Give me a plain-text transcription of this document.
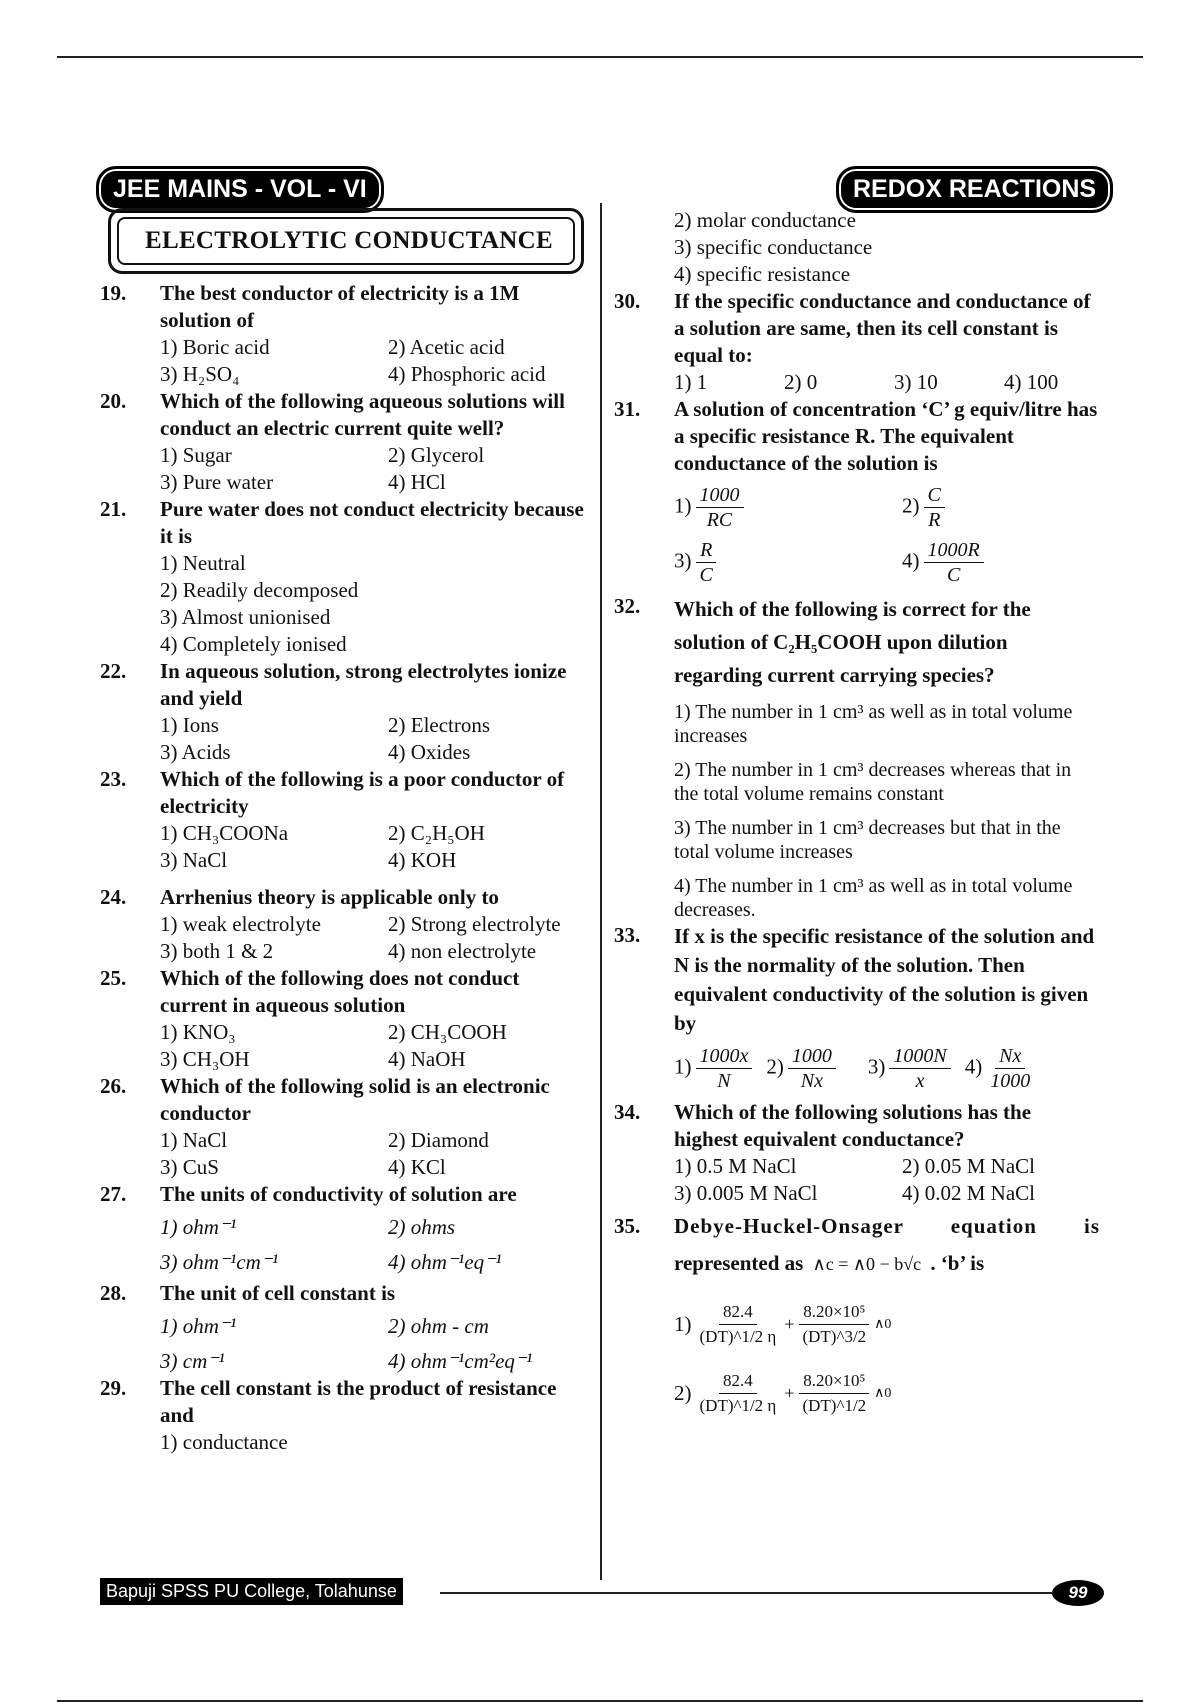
JEE MAINS - VOL - VI	REDOX REACTIONS
ELECTROLYTIC CONDUCTANCE
19. The best conductor of electricity is a 1M solution of
1) Boric acid	2) Acetic acid
3) H₂SO₄	4) Phosphoric acid
20. Which of the following aqueous solutions will conduct an electric current quite well?
1) Sugar	2) Glycerol
3) Pure water	4) HCl
21. Pure water does not conduct electricity because it is
1) Neutral
2) Readily decomposed
3) Almost unionised
4) Completely ionised
22. In aqueous solution, strong electrolytes ionize and yield
1) Ions	2) Electrons
3) Acids	4) Oxides
23. Which of the following is a poor conductor of electricity
1) CH₃COONa	2) C₂H₅OH
3) NaCl	4) KOH
24. Arrhenius theory is applicable only to
1) weak electrolyte	2) Strong electrolyte
3) both 1 & 2	4) non electrolyte
25. Which of the following does not conduct current in aqueous solution
1) KNO₃	2) CH₃COOH
3) CH₃OH	4) NaOH
26. Which of the following solid is an electronic conductor
1) NaCl	2) Diamond
3) CuS	4) KCl
27. The units of conductivity of solution are
1) ohm⁻¹	2) ohms
3) ohm⁻¹cm⁻¹	4) ohm⁻¹eq⁻¹
28. The unit of cell constant is
1) ohm⁻¹	2) ohm - cm
3) cm⁻¹	4) ohm⁻¹cm²eq⁻¹
29. The cell constant is the product of resistance and
1) conductance
2) molar conductance
3) specific conductance
4) specific resistance
30. If the specific conductance and conductance of a solution are same, then its cell constant is equal to:
1) 1	2) 0	3) 10	4) 100
31. A solution of concentration ‘C’ g equiv/litre has a specific resistance R. The equivalent conductance of the solution is
$1) \frac{1000}{RC}$	$2) \frac{C}{R}$
$3) \frac{R}{C}$	$4) \frac{1000R}{C}$
32. Which of the following is correct for the solution of C₂H₅COOH upon dilution regarding current carrying species?
1) The number in 1 cm³ as well as in total volume increases
2) The number in 1 cm³ decreases whereas that in the total volume remains constant
3) The number in 1 cm³ decreases but that in the total volume increases
4) The number in 1 cm³ as well as in total volume decreases.
33. If x is the specific resistance of the solution and N is the normality of the solution. Then equivalent conductivity of the solution is given by
$1) \frac{1000x}{N} 2) \frac{1000}{Nx} 3) \frac{1000N}{x} 4) \frac{Nx}{1000}$
34. Which of the following solutions has the highest equivalent conductance?
1) 0.5 M NaCl	2) 0.05 M NaCl
3) 0.005 M NaCl	4) 0.02 M NaCl
35. Debye-Huckel-Onsager equation is
represented as ∧c = ∧0 − b√c . ‘b’ is
$1) \frac{82.4}{(DT)\^{}1/2 \eta} + \frac{\text{8.20×10⁵}}{(DT)\^{}3/2}$ ∧0
$2) \frac{82.4}{(DT)\^{}1/2 \eta} + \frac{\text{8.20×10⁵}}{(DT)\^{}1/2}$ ∧0
Bapuji SPSS PU College, Tolahunse	99
